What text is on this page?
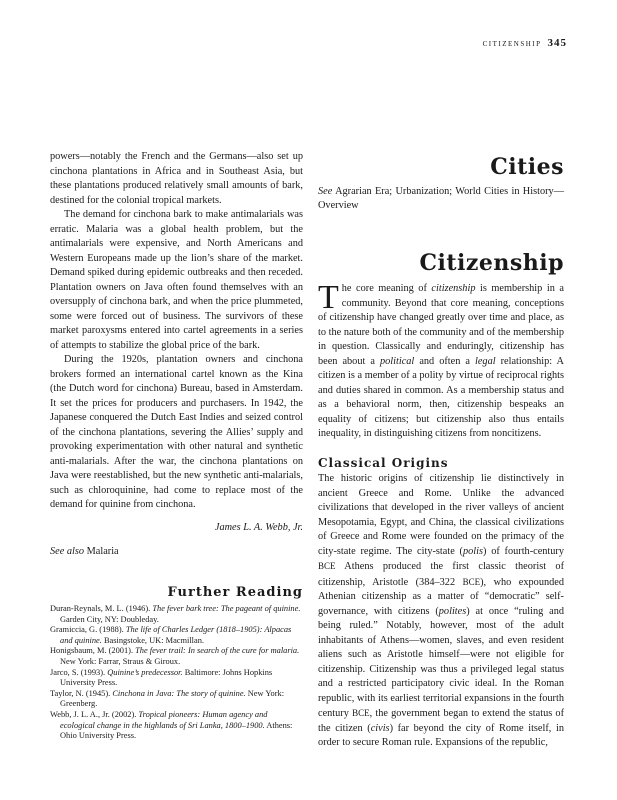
citizenship 345

powers—notably the French and the Germans—also set up cinchona plantations in Africa and in Southeast Asia, but these plantations produced relatively small amounts of bark, destined for the colonial tropical markets.

The demand for cinchona bark to make antimalarials was erratic. Malaria was a global health problem, but the antimalarials were expensive, and North Americans and Western Europeans made up the lion’s share of the market. Demand spiked during epidemic outbreaks and then receded. Plantation owners on Java often found themselves with an oversupply of cinchona bark, and when the price plummeted, some were forced out of business. The survivors of these market paroxysms entered into cartel agreements in a series of attempts to stabilize the global price of the bark.

During the 1920s, plantation owners and cinchona brokers formed an international cartel known as the Kina (the Dutch word for cinchona) Bureau, based in Amsterdam. It set the prices for producers and purchasers. In 1942, the Japanese conquered the Dutch East Indies and seized control of the cinchona plantations, severing the Allies’ supply and provoking experimentation with other natural and synthetic anti-malarials. After the war, the cinchona plantations on Java were reestablished, but the new synthetic anti-malarials, such as chloroquinine, had come to replace most of the demand for quinine from cinchona.

James L. A. Webb, Jr.

See also Malaria

Further Reading

Duran-Reynals, M. L. (1946). The fever bark tree: The pageant of quinine. Garden City, NY: Doubleday.

Gramiccia, G. (1988). The life of Charles Ledger (1818–1905): Alpacas and quinine. Basingstoke, UK: Macmillan.

Honigsbaum, M. (2001). The fever trail: In search of the cure for malaria. New York: Farrar, Straus & Giroux.

Jarco, S. (1993). Quinine’s predecessor. Baltimore: Johns Hopkins University Press.

Taylor, N. (1945). Cinchona in Java: The story of quinine. New York: Greenberg.

Webb, J. L. A., Jr. (2002). Tropical pioneers: Human agency and ecological change in the highlands of Sri Lanka, 1800–1900. Athens: Ohio University Press.

Cities

See Agrarian Era; Urbanization; World Cities in History—Overview

Citizenship

The core meaning of citizenship is membership in a community. Beyond that core meaning, conceptions of citizenship have changed greatly over time and place, as to the nature both of the community and of the membership in question. Classically and enduringly, citizenship has been about a political and often a legal relationship: A citizen is a member of a polity by virtue of reciprocal rights and duties shared in common. As a membership status and as a behavioral norm, then, citizenship bespeaks an equality of citizens; but citizenship also thus entails inequality, in distinguishing citizens from noncitizens.

Classical Origins

The historic origins of citizenship lie distinctively in ancient Greece and Rome. Unlike the advanced civilizations that developed in the river valleys of ancient Mesopotamia, Egypt, and China, the classical civilizations of Greece and Rome were founded on the primacy of the city-state regime. The city-state (polis) of fourth-century BCE Athens produced the first classic theorist of citizenship, Aristotle (384–322 BCE), who expounded Athenian citizenship as a matter of “democratic” self-governance, with citizens (polites) at once “ruling and being ruled.” Notably, however, most of the adult inhabitants of Athens—women, slaves, and even resident aliens such as Aristotle himself—were not eligible for citizenship. Citizenship was thus a privileged legal status and a restricted participatory civic ideal. In the Roman republic, with its earliest territorial expansions in the fourth century BCE, the government began to extend the status of the citizen (civis) far beyond the city of Rome itself, in order to secure Roman rule. Expansions of the republic,
